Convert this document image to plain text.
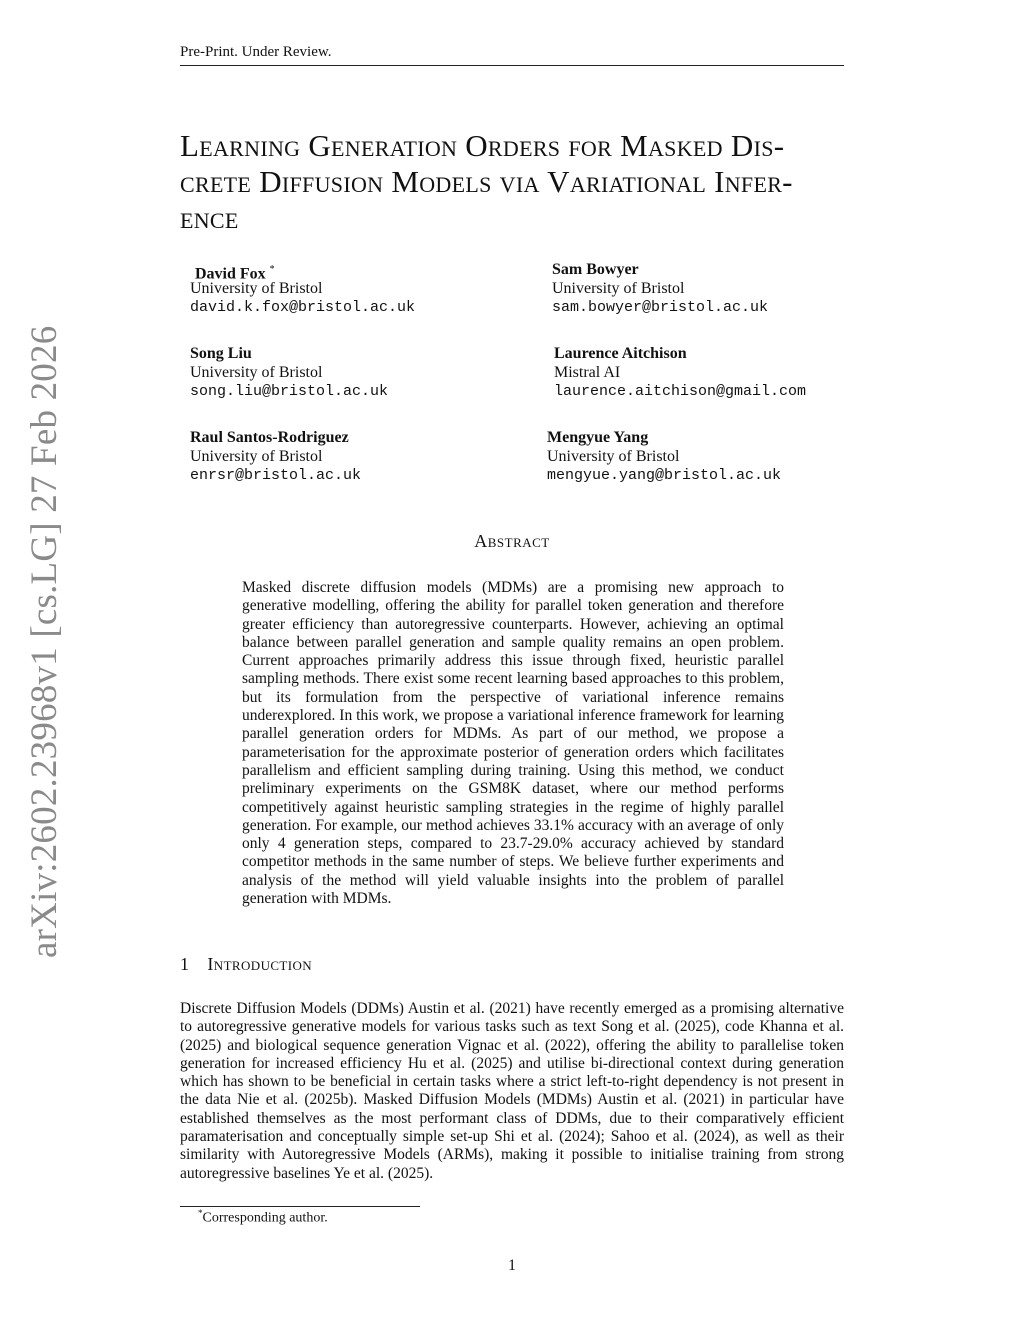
Pre-Print. Under Review.
arXiv:2602.23968v1 [cs.LG] 27 Feb 2026
Learning Generation Orders for Masked Dis-
crete Diffusion Models via Variational Infer-
ence
David Fox *
University of Bristol
david.k.fox@bristol.ac.uk
Sam Bowyer
University of Bristol
sam.bowyer@bristol.ac.uk
Song Liu
University of Bristol
song.liu@bristol.ac.uk
Laurence Aitchison
Mistral AI
laurence.aitchison@gmail.com
Raul Santos-Rodriguez
University of Bristol
enrsr@bristol.ac.uk
Mengyue Yang
University of Bristol
mengyue.yang@bristol.ac.uk
Abstract

Masked discrete diffusion models (MDMs) are a promising new approach to generative modelling, offering the ability for parallel token generation and therefore greater efficiency than autoregressive counterparts. However, achieving an optimal balance between parallel generation and sample quality remains an open problem. Current approaches primarily address this issue through fixed, heuristic parallel sampling methods. There exist some recent learning based approaches to this problem, but its formulation from the perspective of variational inference remains underexplored. In this work, we propose a variational inference framework for learning parallel generation orders for MDMs. As part of our method, we propose a parameterisation for the approximate posterior of generation orders which facilitates parallelism and efficient sampling during training. Using this method, we conduct preliminary experiments on the GSM8K dataset, where our method performs competitively against heuristic sampling strategies in the regime of highly parallel generation. For example, our method achieves 33.1% accuracy with an average of only only 4 generation steps, compared to 23.7-29.0% accuracy achieved by standard competitor methods in the same number of steps. We believe further experiments and analysis of the method will yield valuable insights into the problem of parallel generation with MDMs.

1 Introduction

Discrete Diffusion Models (DDMs) Austin et al. (2021) have recently emerged as a promising alternative to autoregressive generative models for various tasks such as text Song et al. (2025), code Khanna et al. (2025) and biological sequence generation Vignac et al. (2022), offering the ability to parallelise token generation for increased efficiency Hu et al. (2025) and utilise bi-directional context during generation which has shown to be beneficial in certain tasks where a strict left-to-right dependency is not present in the data Nie et al. (2025b). Masked Diffusion Models (MDMs) Austin et al. (2021) in particular have established themselves as the most performant class of DDMs, due to their comparatively efficient paramaterisation and conceptually simple set-up Shi et al. (2024); Sahoo et al. (2024), as well as their similarity with Autoregressive Models (ARMs), making it possible to initialise training from strong autoregressive baselines Ye et al. (2025).

*Corresponding author.
1
